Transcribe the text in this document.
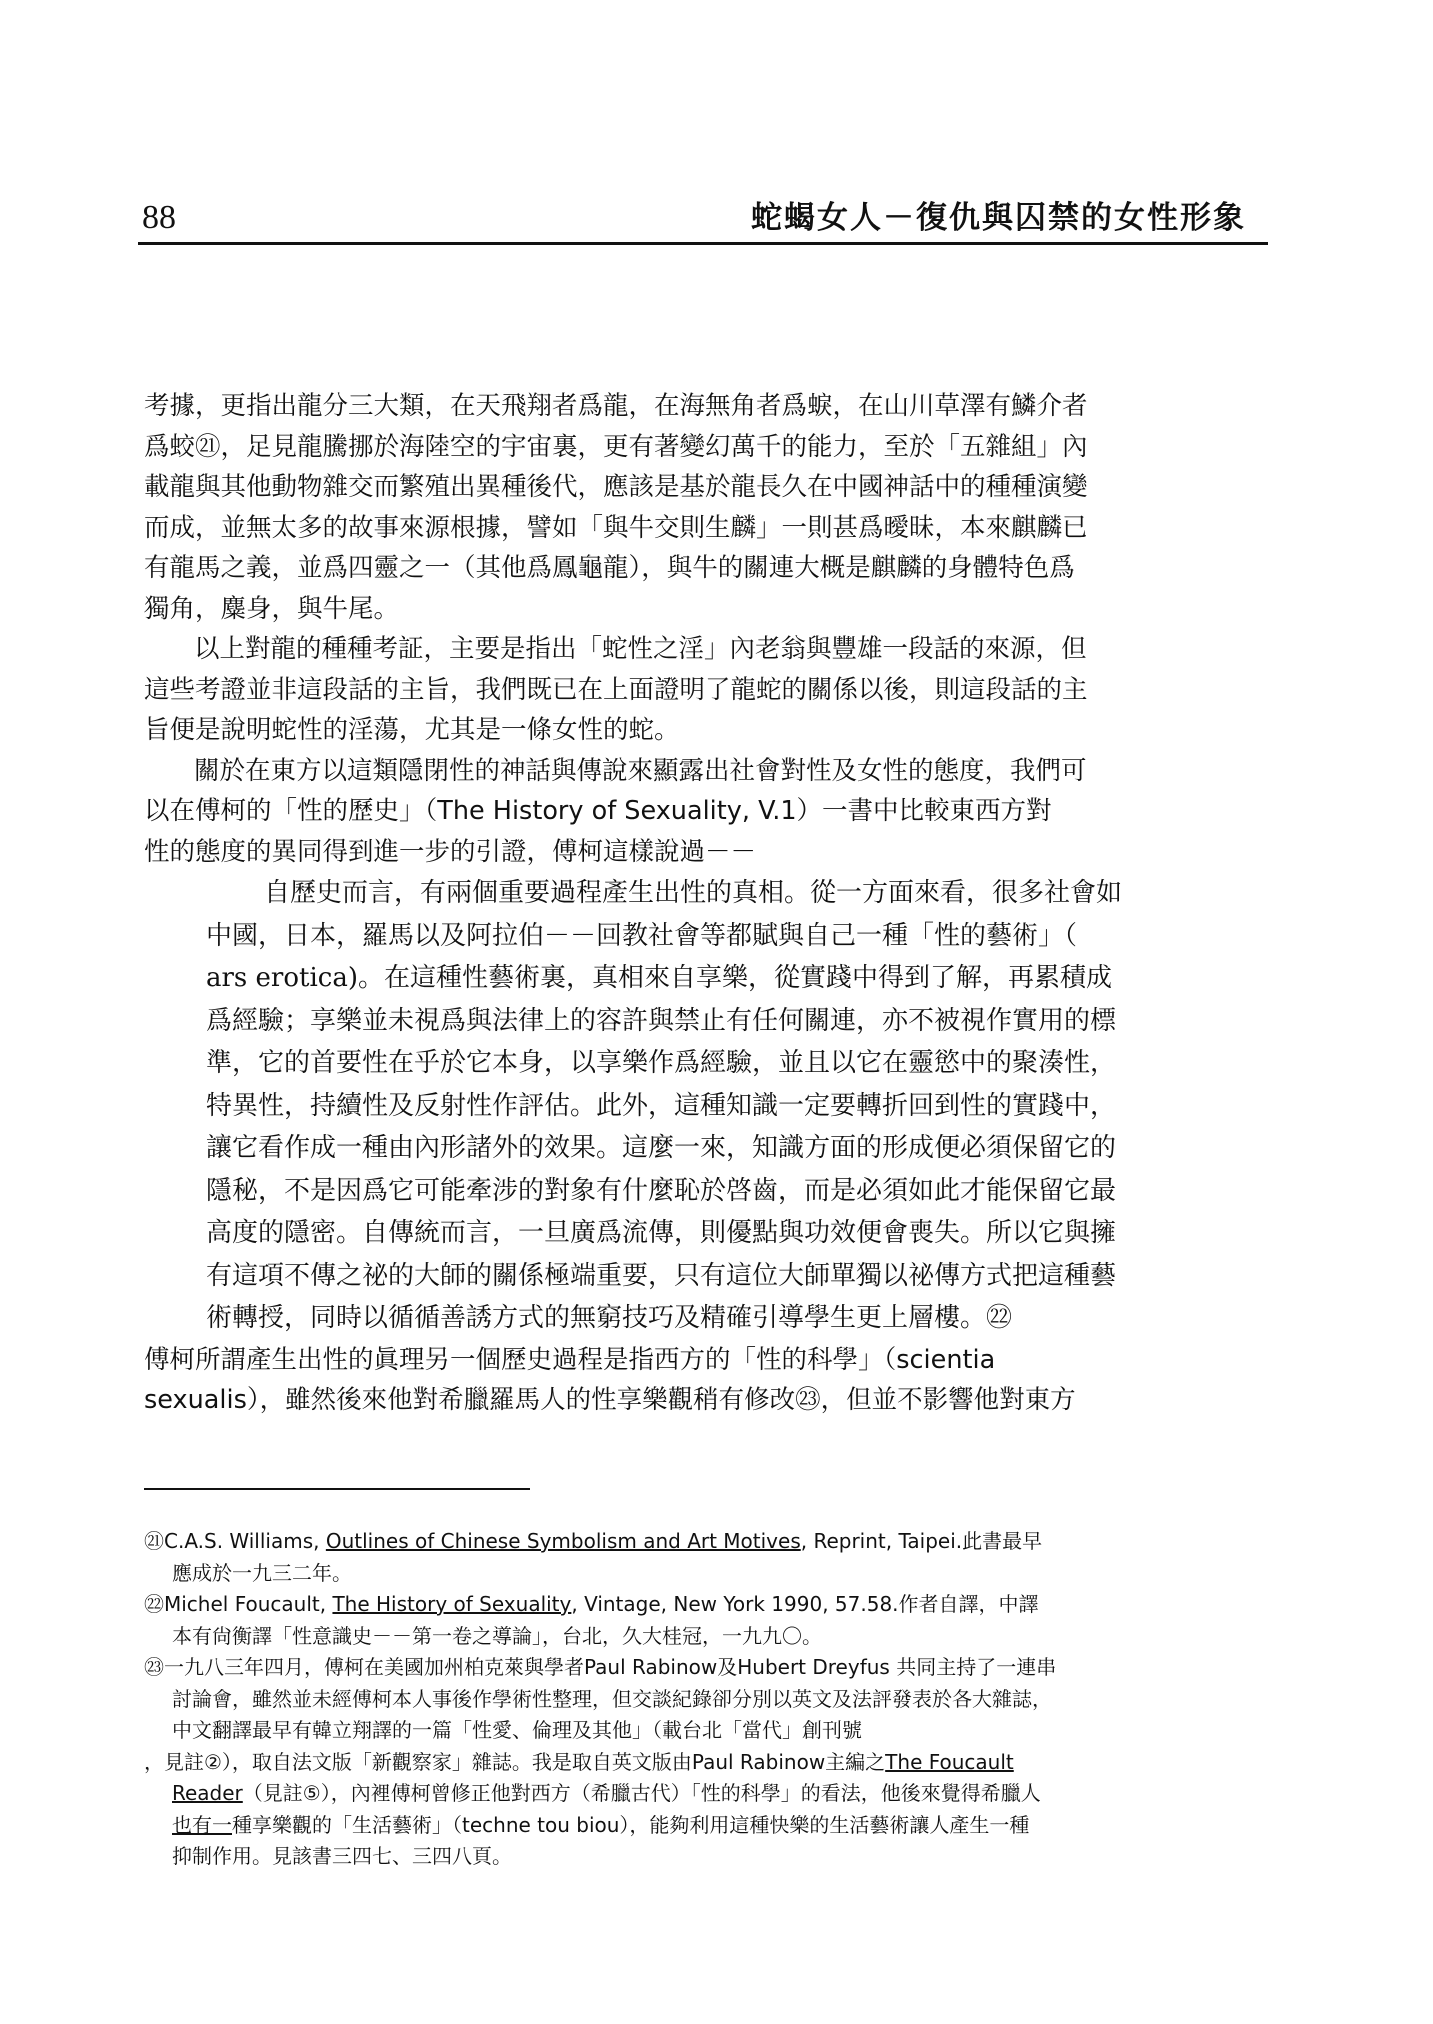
88	蛇蝎女人－復仇與囚禁的女性形象
考據，更指出龍分三大類，在天飛翔者爲龍，在海無角者爲蜧，在山川草澤有鱗介者
爲蛟㉑，足見龍騰挪於海陸空的宇宙裏，更有著變幻萬千的能力，至於「五雜組」內
載龍與其他動物雜交而繁殖出異種後代，應該是基於龍長久在中國神話中的種種演變
而成，並無太多的故事來源根據，譬如「與牛交則生麟」一則甚爲曖昧，本來麒麟已
有龍馬之義，並爲四靈之一（其他爲鳳龜龍），與牛的關連大概是麒麟的身體特色爲
獨角，麋身，與牛尾。
以上對龍的種種考証，主要是指出「蛇性之淫」內老翁與豐雄一段話的來源，但
這些考證並非這段話的主旨，我們既已在上面證明了龍蛇的關係以後，則這段話的主
旨便是說明蛇性的淫蕩，尤其是一條女性的蛇。
關於在東方以這類隱閉性的神話與傳說來顯露出社會對性及女性的態度，我們可
以在傅柯的「性的歷史」（The History of Sexuality, V.1）一書中比較東西方對
性的態度的異同得到進一步的引證，傅柯這樣說過－－
自歷史而言，有兩個重要過程產生出性的真相。從一方面來看，很多社會如
中國，日本，羅馬以及阿拉伯－－回教社會等都賦與自己一種「性的藝術」（
ars erotica)。在這種性藝術裏，真相來自享樂，從實踐中得到了解，再累積成
爲經驗；享樂並未視爲與法律上的容許與禁止有任何關連，亦不被視作實用的標
準，它的首要性在乎於它本身，以享樂作爲經驗，並且以它在靈慾中的聚湊性，
特異性，持續性及反射性作評估。此外，這種知識一定要轉折回到性的實踐中，
讓它看作成一種由內形諸外的效果。這麼一來，知識方面的形成便必須保留它的
隱秘，不是因爲它可能牽涉的對象有什麼恥於啓齒，而是必須如此才能保留它最
高度的隱密。自傳統而言，一旦廣爲流傳，則優點與功效便會喪失。所以它與擁
有這項不傳之祕的大師的關係極端重要，只有這位大師單獨以祕傳方式把這種藝
術轉授，同時以循循善誘方式的無窮技巧及精確引導學生更上層樓。㉒
傅柯所謂產生出性的眞理另一個歷史過程是指西方的「性的科學」（scientia
sexualis），雖然後來他對希臘羅馬人的性享樂觀稍有修改㉓，但並不影響他對東方
㉑C.A.S. Williams, Outlines of Chinese Symbolism and Art Motives, Reprint, Taipei.此書最早
應成於一九三二年。
㉒Michel Foucault, The History of Sexuality, Vintage, New York 1990, 57.58.作者自譯，中譯
本有尙衡譯「性意識史－－第一卷之導論」，台北，久大桂冠，一九九〇。
㉓一九八三年四月，傅柯在美國加州柏克萊與學者Paul Rabinow及Hubert Dreyfus 共同主持了一連串
討論會，雖然並未經傅柯本人事後作學術性整理，但交談紀錄卻分別以英文及法評發表於各大雜誌，
中文翻譯最早有韓立翔譯的一篇「性愛、倫理及其他」（載台北「當代」創刊號
，見註②），取自法文版「新觀察家」雜誌。我是取自英文版由Paul Rabinow主編之The Foucault
Reader（見註⑤），內裡傅柯曾修正他對西方（希臘古代）「性的科學」的看法，他後來覺得希臘人
也有一種享樂觀的「生活藝術」（techne tou biou），能夠利用這種快樂的生活藝術讓人產生一種
抑制作用。見該書三四七、三四八頁。
